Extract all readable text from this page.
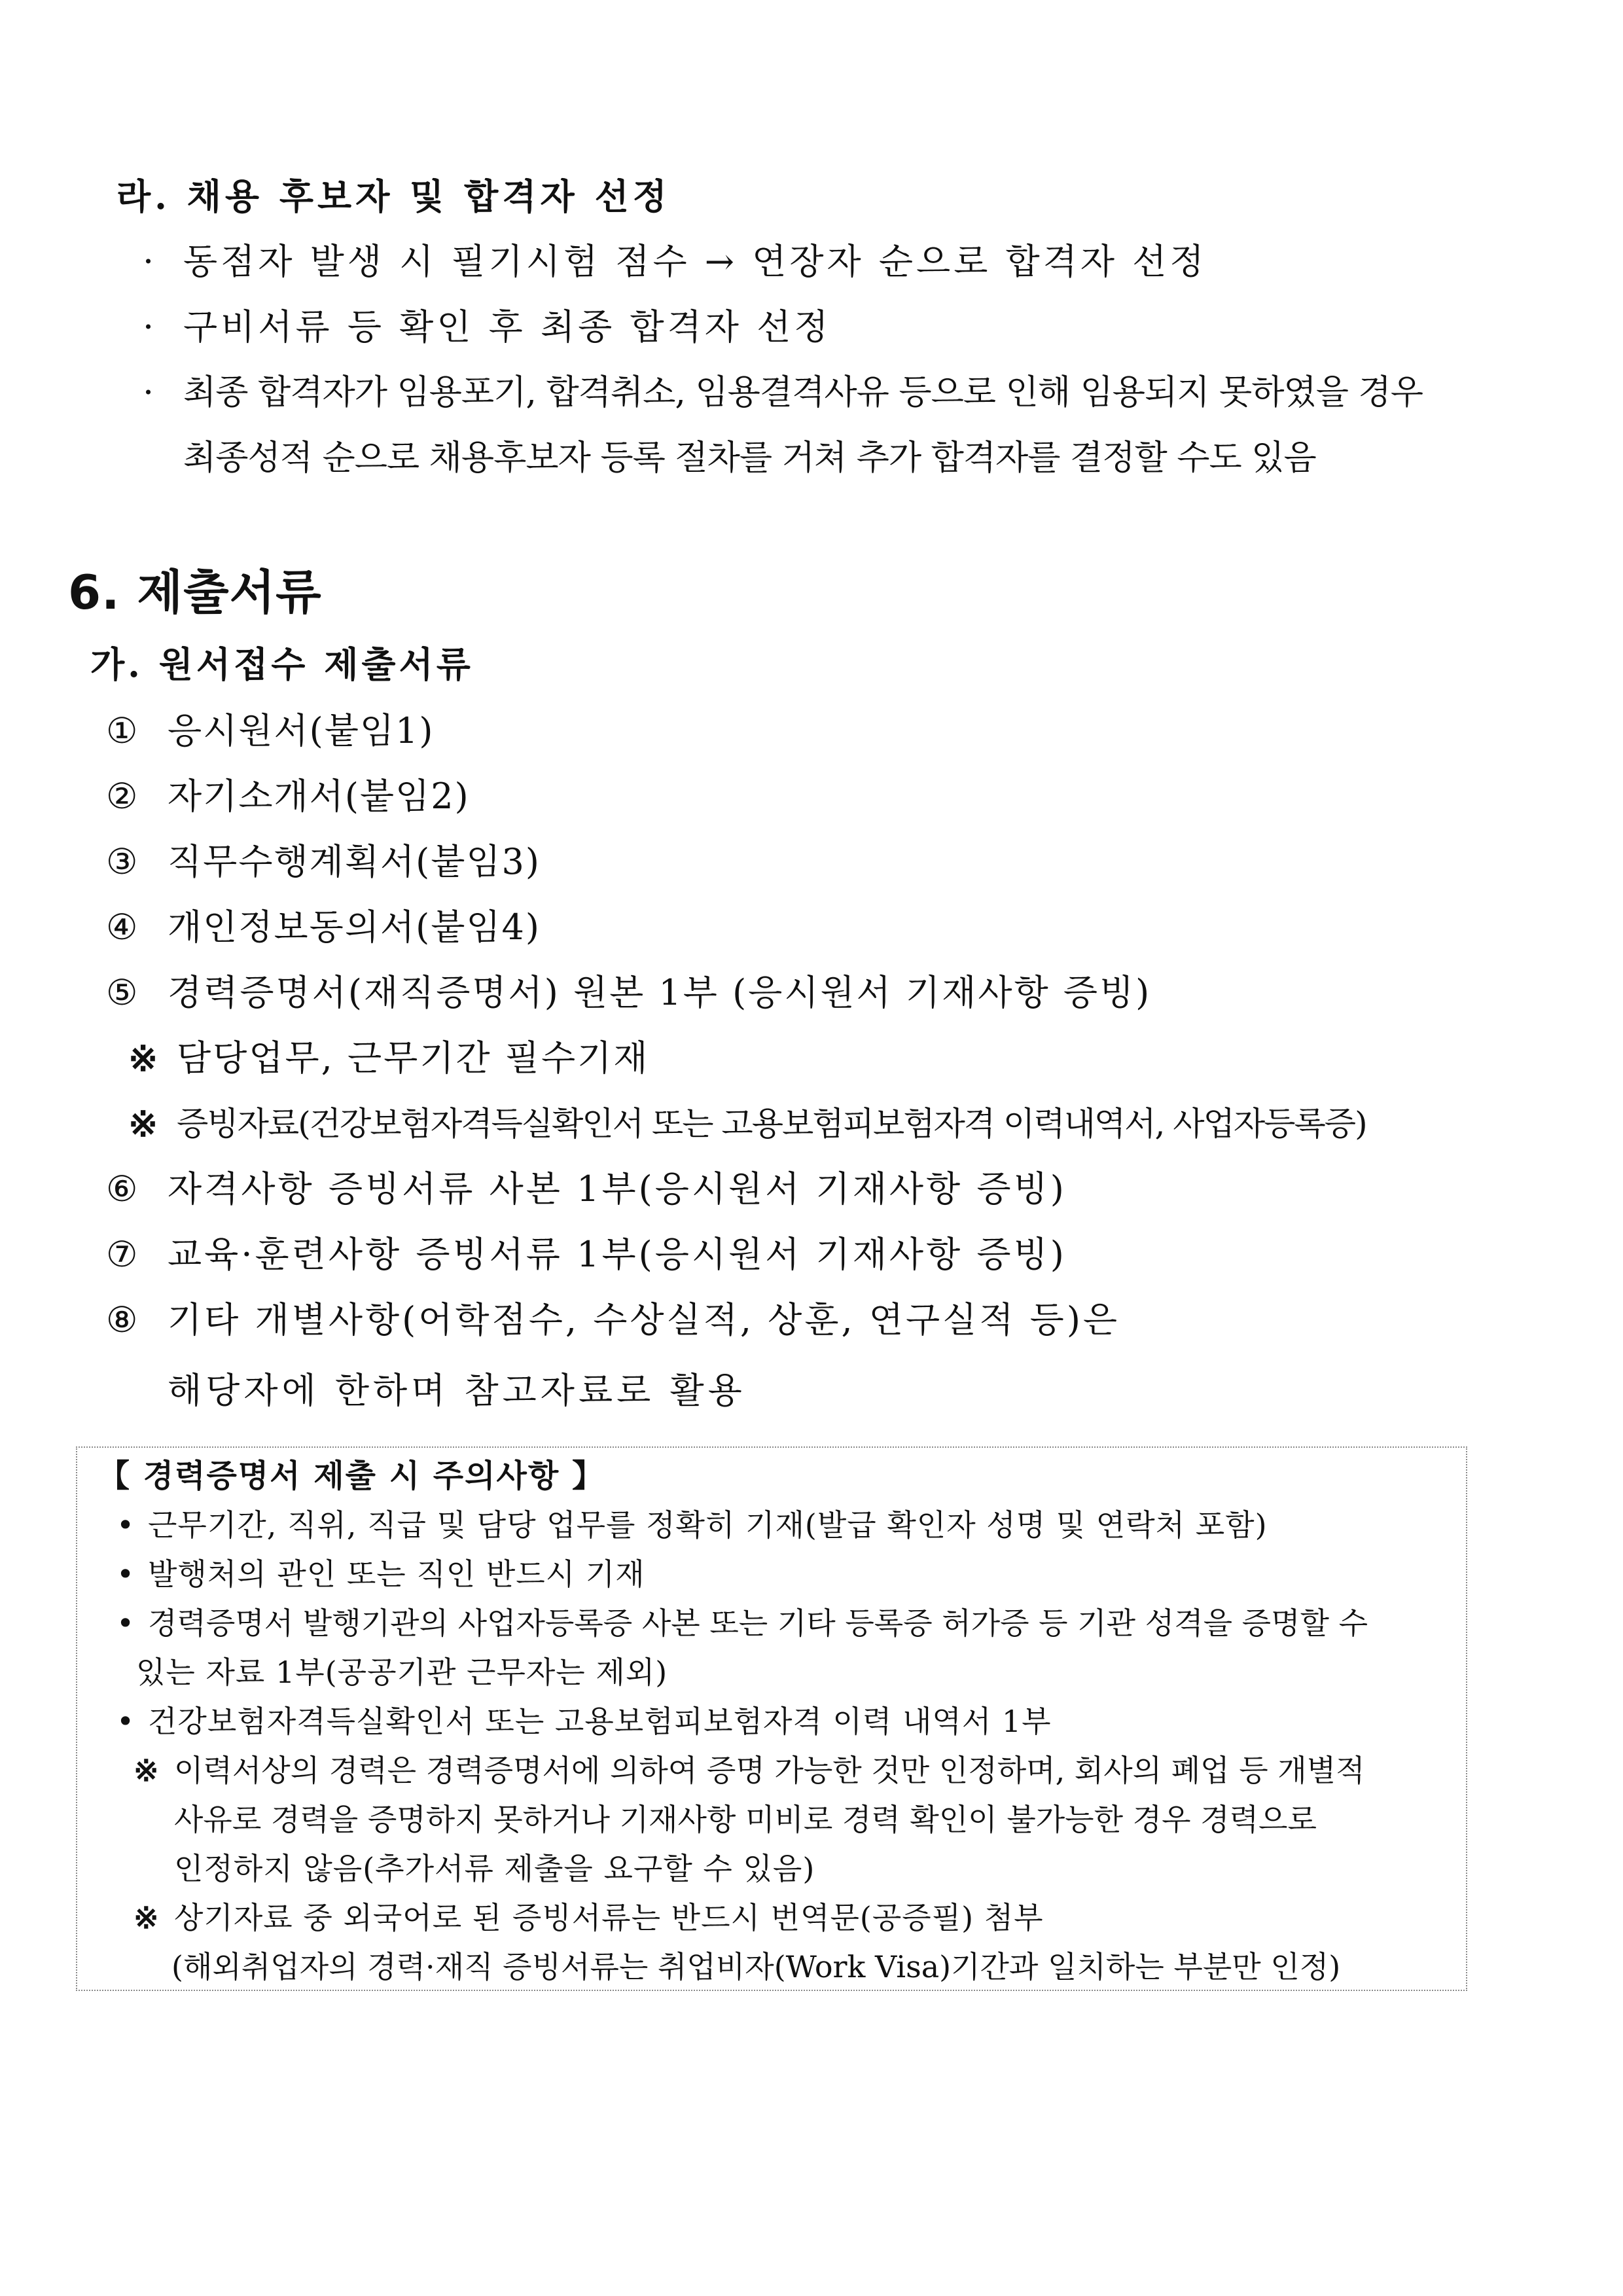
라. 채용 후보자 및 합격자 선정
· 동점자 발생 시 필기시험 점수 → 연장자 순으로 합격자 선정
· 구비서류 등 확인 후 최종 합격자 선정
· 최종 합격자가 임용포기, 합격취소, 임용결격사유 등으로 인해 임용되지 못하였을 경우
최종성적 순으로 채용후보자 등록 절차를 거쳐 추가 합격자를 결정할 수도 있음
6. 제출서류
가. 원서접수 제출서류
① 응시원서(붙임1)
② 자기소개서(붙임2)
③ 직무수행계획서(붙임3)
④ 개인정보동의서(붙임4)
⑤ 경력증명서(재직증명서) 원본 1부 (응시원서 기재사항 증빙)
※ 담당업무, 근무기간 필수기재
※ 증빙자료(건강보험자격득실확인서 또는 고용보험피보험자격 이력내역서, 사업자등록증)
⑥ 자격사항 증빙서류 사본 1부(응시원서 기재사항 증빙)
⑦ 교육·훈련사항 증빙서류 1부(응시원서 기재사항 증빙)
⑧ 기타 개별사항(어학점수, 수상실적, 상훈, 연구실적 등)은
해당자에 한하며 참고자료로 활용
【 경력증명서 제출 시 주의사항 】
• 근무기간, 직위, 직급 및 담당 업무를 정확히 기재(발급 확인자 성명 및 연락처 포함)
• 발행처의 관인 또는 직인 반드시 기재
• 경력증명서 발행기관의 사업자등록증 사본 또는 기타 등록증 허가증 등 기관 성격을 증명할 수
있는 자료 1부(공공기관 근무자는 제외)
• 건강보험자격득실확인서 또는 고용보험피보험자격 이력 내역서 1부
※ 이력서상의 경력은 경력증명서에 의하여 증명 가능한 것만 인정하며, 회사의 폐업 등 개별적
사유로 경력을 증명하지 못하거나 기재사항 미비로 경력 확인이 불가능한 경우 경력으로
인정하지 않음(추가서류 제출을 요구할 수 있음)
※ 상기자료 중 외국어로 된 증빙서류는 반드시 번역문(공증필) 첨부
(해외취업자의 경력·재직 증빙서류는 취업비자(Work Visa)기간과 일치하는 부분만 인정)
